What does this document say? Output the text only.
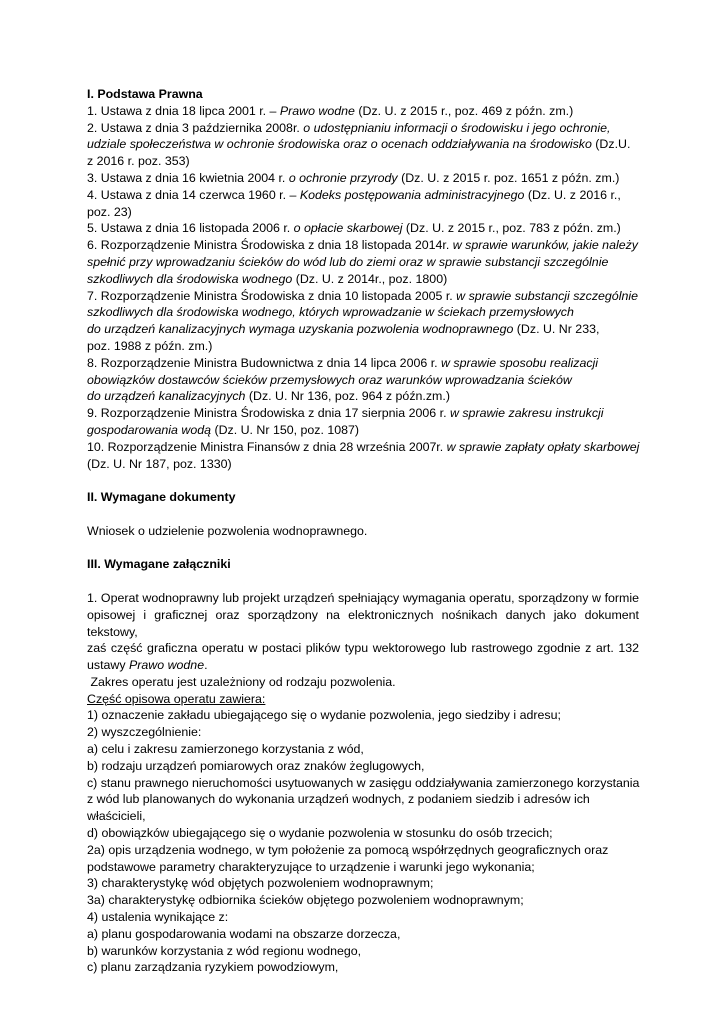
I. Podstawa Prawna
1. Ustawa z dnia 18 lipca 2001 r. – Prawo wodne (Dz. U. z 2015 r., poz. 469 z późn. zm.)
2. Ustawa z dnia 3 października 2008r. o udostępnianiu informacji o środowisku i jego ochronie,
udziale społeczeństwa w ochronie środowiska oraz o ocenach oddziaływania na środowisko (Dz.U.
z 2016 r. poz. 353)
3. Ustawa z dnia 16 kwietnia 2004 r. o ochronie przyrody (Dz. U. z 2015 r. poz. 1651 z późn. zm.)
4. Ustawa z dnia 14 czerwca 1960 r. – Kodeks postępowania administracyjnego (Dz. U. z 2016 r.,
poz. 23)
5. Ustawa z dnia 16 listopada 2006 r. o opłacie skarbowej (Dz. U. z 2015 r., poz. 783 z późn. zm.)
6. Rozporządzenie Ministra Środowiska z dnia 18 listopada 2014r. w sprawie warunków, jakie należy
spełnić przy wprowadzaniu ścieków do wód lub do ziemi oraz w sprawie substancji szczególnie
szkodliwych dla środowiska wodnego (Dz. U. z 2014r., poz. 1800)
7. Rozporządzenie Ministra Środowiska z dnia 10 listopada 2005 r. w sprawie substancji szczególnie
szkodliwych dla środowiska wodnego, których wprowadzanie w ściekach przemysłowych
do urządzeń kanalizacyjnych wymaga uzyskania pozwolenia wodnoprawnego (Dz. U. Nr 233,
poz. 1988 z późn. zm.)
8. Rozporządzenie Ministra Budownictwa z dnia 14 lipca 2006 r. w sprawie sposobu realizacji
obowiązków dostawców ścieków przemysłowych oraz warunków wprowadzania ścieków
do urządzeń kanalizacyjnych (Dz. U. Nr 136, poz. 964 z późn.zm.)
9. Rozporządzenie Ministra Środowiska z dnia 17 sierpnia 2006 r. w sprawie zakresu instrukcji
gospodarowania wodą (Dz. U. Nr 150, poz. 1087)
10. Rozporządzenie Ministra Finansów z dnia 28 września 2007r. w sprawie zapłaty opłaty skarbowej
(Dz. U. Nr 187, poz. 1330)
II. Wymagane dokumenty
Wniosek o udzielenie pozwolenia wodnoprawnego.
III. Wymagane załączniki
1. Operat wodnoprawny lub projekt urządzeń spełniający wymagania operatu, sporządzony w formie
opisowej i graficznej oraz sporządzony na elektronicznych nośnikach danych jako dokument tekstowy,
zaś część graficzna operatu w postaci plików typu wektorowego lub rastrowego zgodnie z art. 132
ustawy Prawo wodne.
Zakres operatu jest uzależniony od rodzaju pozwolenia.
Część opisowa operatu zawiera:
1) oznaczenie zakładu ubiegającego się o wydanie pozwolenia, jego siedziby i adresu;
2) wyszczególnienie:
a) celu i zakresu zamierzonego korzystania z wód,
b) rodzaju urządzeń pomiarowych oraz znaków żeglugowych,
c) stanu prawnego nieruchomości usytuowanych w zasięgu oddziaływania zamierzonego korzystania
z wód lub planowanych do wykonania urządzeń wodnych, z podaniem siedzib i adresów ich
właścicieli,
d) obowiązków ubiegającego się o wydanie pozwolenia w stosunku do osób trzecich;
2a) opis urządzenia wodnego, w tym położenie za pomocą współrzędnych geograficznych oraz
podstawowe parametry charakteryzujące to urządzenie i warunki jego wykonania;
3) charakterystykę wód objętych pozwoleniem wodnoprawnym;
3a) charakterystykę odbiornika ścieków objętego pozwoleniem wodnoprawnym;
4) ustalenia wynikające z:
a) planu gospodarowania wodami na obszarze dorzecza,
b) warunków korzystania z wód regionu wodnego,
c) planu zarządzania ryzykiem powodziowym,
